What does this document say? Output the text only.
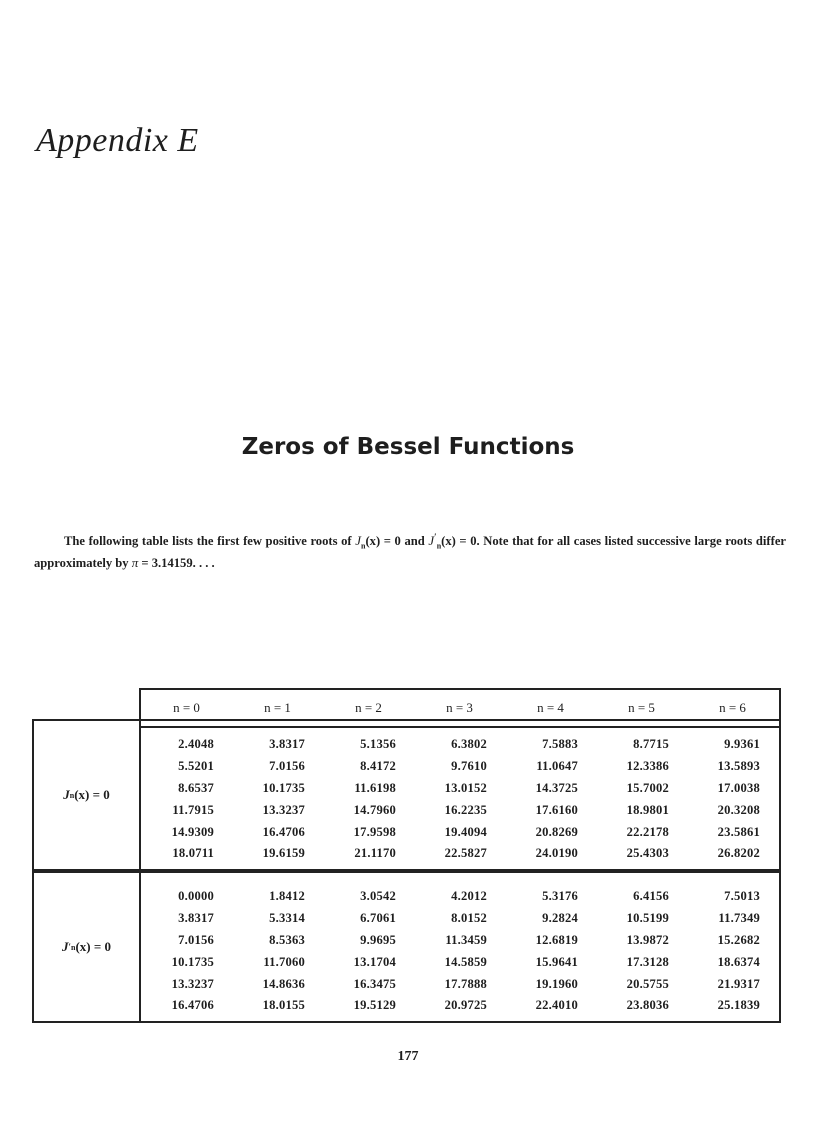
Appendix E
Zeros of Bessel Functions

The following table lists the first few positive roots of $J_n(x) = 0$ and $J'_n(x) = 0$. Note that for all cases listed successive large roots differ approximately by π = 3.14159. . . .

n = 0	n = 1	n = 2	n = 3	n = 4	n = 5	n = 6
J n (x) = 0
2.4048	3.8317	5.1356	6.3802	7.5883	8.7715	9.9361
5.5201	7.0156	8.4172	9.7610	11.0647	12.3386	13.5893
8.6537	10.1735	11.6198	13.0152	14.3725	15.7002	17.0038
11.7915	13.3237	14.7960	16.2235	17.6160	18.9801	20.3208
14.9309	16.4706	17.9598	19.4094	20.8269	22.2178	23.5861
18.0711	19.6159	21.1170	22.5827	24.0190	25.4303	26.8202
J ′ n (x) = 0
0.0000	1.8412	3.0542	4.2012	5.3176	6.4156	7.5013
3.8317	5.3314	6.7061	8.0152	9.2824	10.5199	11.7349
7.0156	8.5363	9.9695	11.3459	12.6819	13.9872	15.2682
10.1735	11.7060	13.1704	14.5859	15.9641	17.3128	18.6374
13.3237	14.8636	16.3475	17.7888	19.1960	20.5755	21.9317
16.4706	18.0155	19.5129	20.9725	22.4010	23.8036	25.1839
177
